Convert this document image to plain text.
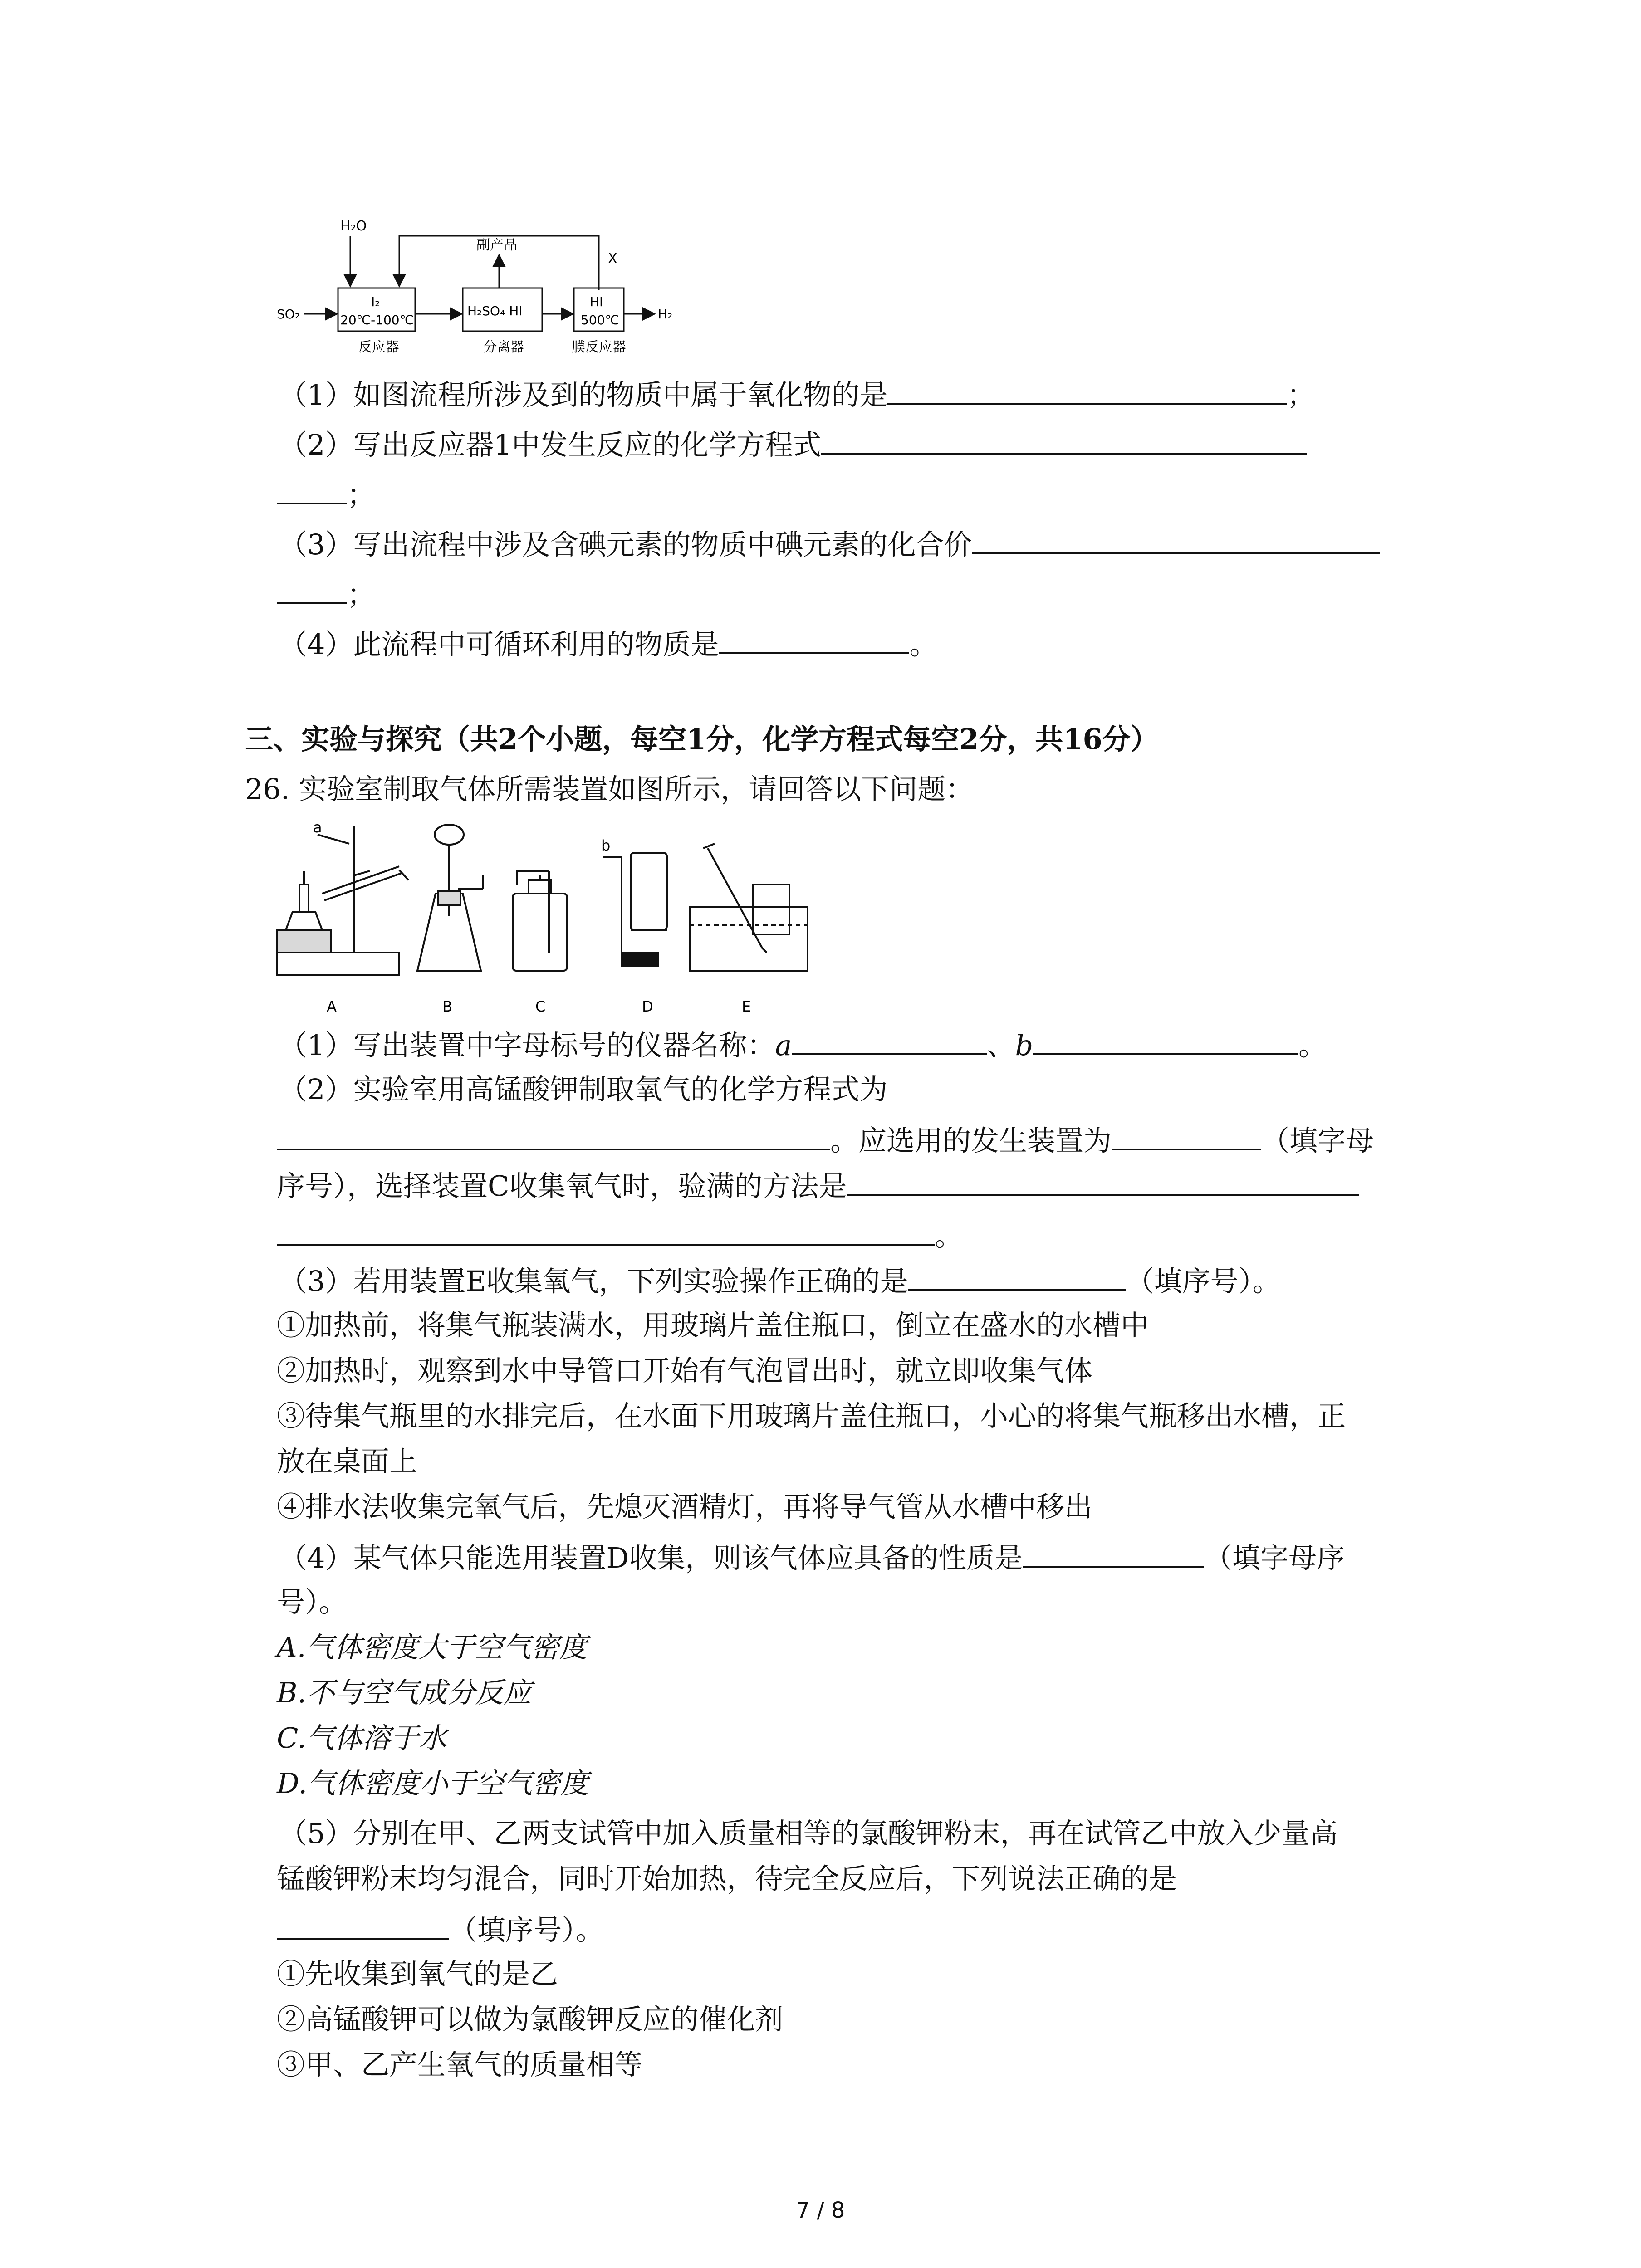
H₂O
X
副产品
I₂
20℃-100℃
H₂SO₄ HI
HI
500℃
SO₂	H₂
反应器	分离器	膜反应器
（1）如图流程所涉及到的物质中属于氧化物的是	；
（2）写出反应器1中发生反应的化学方程式
；
（3）写出流程中涉及含碘元素的物质中碘元素的化合价
；
（4）此流程中可循环利用的物质是	。
三、实验与探究（共2个小题，每空1分，化学方程式每空2分，共16分）
26. 实验室制取气体所需装置如图所示，请回答以下问题：
a
A	B	C
b
D	E
（1）写出装置中字母标号的仪器名称：a	、b	。
（2）实验室用高锰酸钾制取氧气的化学方程式为
。应选用的发生装置为	（填字母
序号），选择装置C收集氧气时，验满的方法是
。
（3）若用装置E收集氧气，下列实验操作正确的是	（填序号）。
①加热前，将集气瓶装满水，用玻璃片盖住瓶口，倒立在盛水的水槽中
②加热时，观察到水中导管口开始有气泡冒出时，就立即收集气体
③待集气瓶里的水排完后，在水面下用玻璃片盖住瓶口，小心的将集气瓶移出水槽，正
放在桌面上
④排水法收集完氧气后，先熄灭酒精灯，再将导气管从水槽中移出
（4）某气体只能选用装置D收集，则该气体应具备的性质是	（填字母序
号）。
A.气体密度大于空气密度
B.不与空气成分反应
C.气体溶于水
D.气体密度小于空气密度
（5）分别在甲、乙两支试管中加入质量相等的氯酸钾粉末，再在试管乙中放入少量高
锰酸钾粉末均匀混合，同时开始加热，待完全反应后，下列说法正确的是
（填序号）。
①先收集到氧气的是乙
②高锰酸钾可以做为氯酸钾反应的催化剂
③甲、乙产生氧气的质量相等
7 / 8
